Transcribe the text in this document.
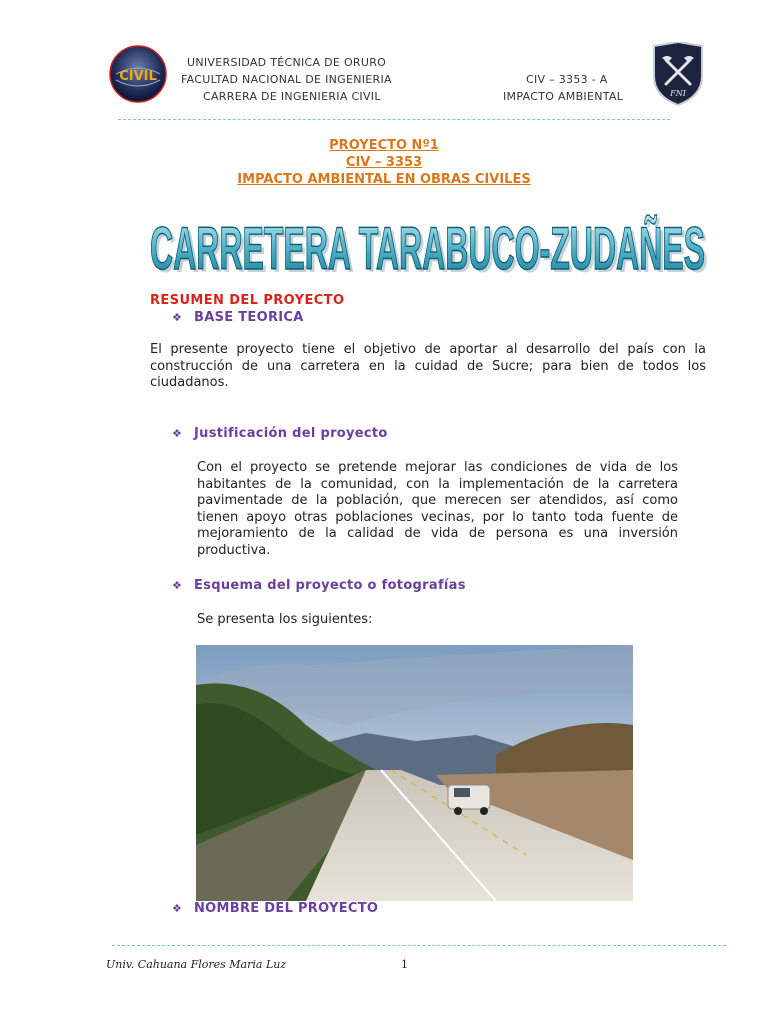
CIVIL
UNIVERSIDAD TÉCNICA DE ORURO
FACULTAD NACIONAL DE INGENIERIA
CARRERA DE INGENIERIA CIVIL
CIV – 3353 - A
IMPACTO AMBIENTAL	FNI
PROYECTO Nº1
CIV – 3353
IMPACTO AMBIENTAL EN OBRAS CIVILES
CARRETERA TARABUCO-ZUDAÑES
CARRETERA TARABUCO-ZUDAÑES
RESUMEN DEL PROYECTO
❖ BASE TEORICA
El presente proyecto tiene el objetivo de aportar al desarrollo del país con la construcción de una carretera en la cuidad de Sucre; para bien de todos los ciudadanos.
❖ Justificación del proyecto
Con el proyecto se pretende mejorar las condiciones de vida de los habitantes de la comunidad, con la implementación de la carretera pavimentade de la población, que merecen ser atendidos, así como tienen apoyo otras poblaciones vecinas, por lo tanto toda fuente de mejoramiento de la calidad de vida de persona es una inversión productiva.
❖ Esquema del proyecto o fotografías
Se presenta los siguientes:
❖ NOMBRE DEL PROYECTO
Univ. Cahuana Flores Maria Luz	1
